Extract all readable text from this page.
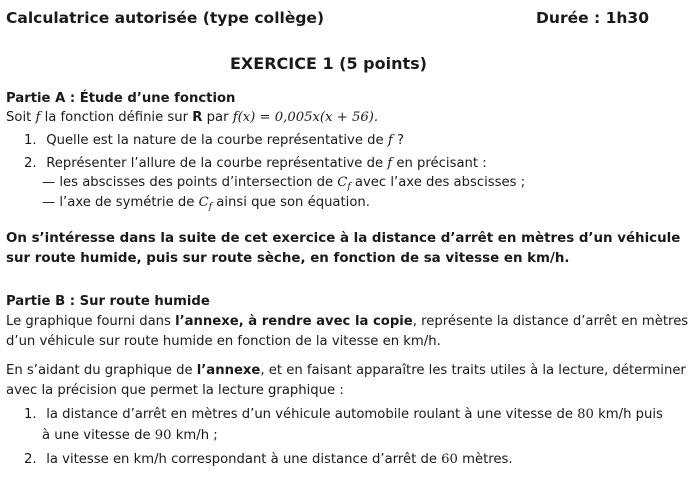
Calculatrice autorisée (type collège)	Durée : 1h30
EXERCICE 1 (5 points)
Partie A : Étude d’une fonction
Soit f la fonction définie sur R par f(x) = 0,005x(x + 56).
1. Quelle est la nature de la courbe représentative de f ?
2. Représenter l’allure de la courbe représentative de f en précisant :
— les abscisses des points d’intersection de $C_f$ avec l’axe des abscisses ;
— l’axe de symétrie de $C_f$ ainsi que son équation.
On s’intéresse dans la suite de cet exercice à la distance d’arrêt en mètres d’un véhicule
sur route humide, puis sur route sèche, en fonction de sa vitesse en km/h.
Partie B : Sur route humide
Le graphique fourni dans l’annexe, à rendre avec la copie, représente la distance d’arrêt en mètres
d’un véhicule sur route humide en fonction de la vitesse en km/h.
En s’aidant du graphique de l’annexe, et en faisant apparaître les traits utiles à la lecture, déterminer
avec la précision que permet la lecture graphique :
1. la distance d’arrêt en mètres d’un véhicule automobile roulant à une vitesse de 80 km/h puis
à une vitesse de 90 km/h ;
2. la vitesse en km/h correspondant à une distance d’arrêt de 60 mètres.
